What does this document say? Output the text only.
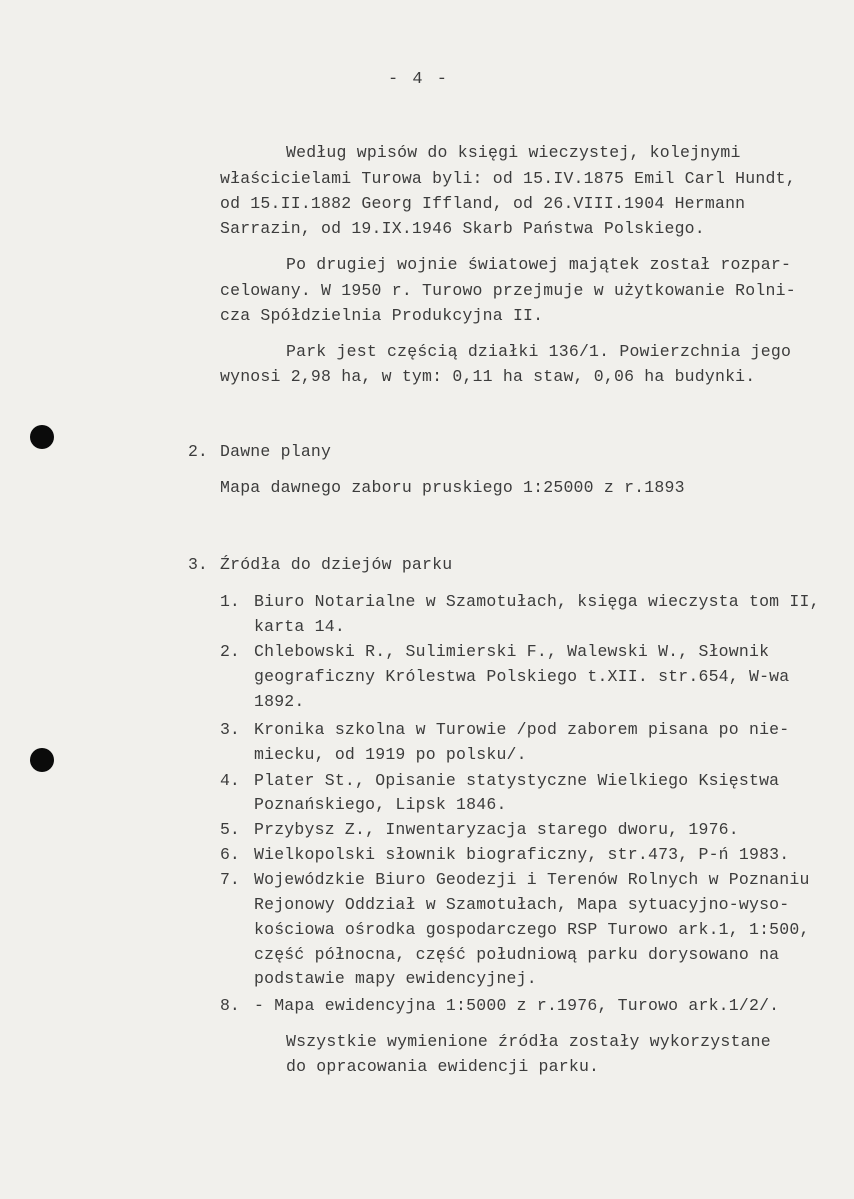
- 4 -
Według wpisów do księgi wieczystej, kolejnymi
właścicielami Turowa byli: od 15.IV.1875 Emil Carl Hundt,
od 15.II.1882 Georg Iffland, od 26.VIII.1904 Hermann
Sarrazin, od 19.IX.1946 Skarb Państwa Polskiego.
Po drugiej wojnie światowej majątek został rozpar-
celowany. W 1950 r. Turowo przejmuje w użytkowanie Rolni-
cza Spółdzielnia Produkcyjna II.
Park jest częścią działki 136/1. Powierzchnia jego
wynosi 2,98 ha, w tym: 0,11 ha staw, 0,06 ha budynki.
2. Dawne plany
Mapa dawnego zaboru pruskiego 1:25000 z r.1893
3. Źródła do dziejów parku
1. Biuro Notarialne w Szamotułach, księga wieczysta tom II,
karta 14.
2. Chlebowski R., Sulimierski F., Walewski W., Słownik
geograficzny Królestwa Polskiego t.XII. str.654, W-wa
1892.
3. Kronika szkolna w Turowie /pod zaborem pisana po nie-
miecku, od 1919 po polsku/.
4. Plater St., Opisanie statystyczne Wielkiego Księstwa
Poznańskiego, Lipsk 1846.
5. Przybysz Z., Inwentaryzacja starego dworu, 1976.
6. Wielkopolski słownik biograficzny, str.473, P-ń 1983.
7. Wojewódzkie Biuro Geodezji i Terenów Rolnych w Poznaniu
Rejonowy Oddział w Szamotułach, Mapa sytuacyjno-wyso-
kościowa ośrodka gospodarczego RSP Turowo ark.1, 1:500,
część północna, część południową parku dorysowano na
podstawie mapy ewidencyjnej.
8. - Mapa ewidencyjna 1:5000 z r.1976, Turowo ark.1/2/.
Wszystkie wymienione źródła zostały wykorzystane
do opracowania ewidencji parku.
